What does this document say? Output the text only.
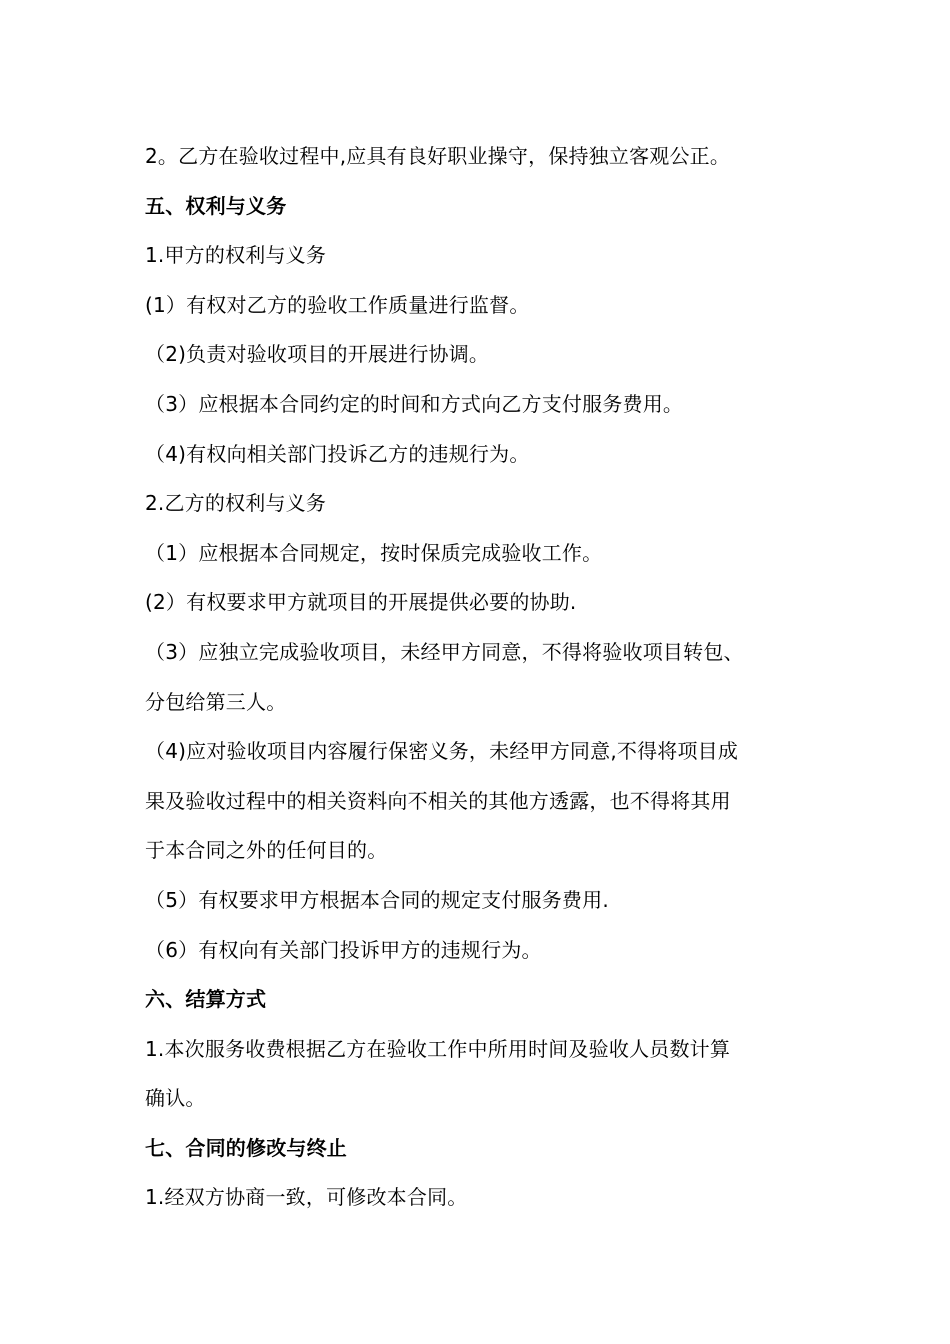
2。乙方在验收过程中,应具有良好职业操守，保持独立客观公正。
五、权利与义务
1.甲方的权利与义务
(1）有权对乙方的验收工作质量进行监督。
（2)负责对验收项目的开展进行协调。
（3）应根据本合同约定的时间和方式向乙方支付服务费用。
（4)有权向相关部门投诉乙方的违规行为。
2.乙方的权利与义务
（1）应根据本合同规定，按时保质完成验收工作。
(2）有权要求甲方就项目的开展提供必要的协助.
（3）应独立完成验收项目，未经甲方同意，不得将验收项目转包、
分包给第三人。
（4)应对验收项目内容履行保密义务，未经甲方同意,不得将项目成
果及验收过程中的相关资料向不相关的其他方透露，也不得将其用
于本合同之外的任何目的。
（5）有权要求甲方根据本合同的规定支付服务费用.
（6）有权向有关部门投诉甲方的违规行为。
六、结算方式
1.本次服务收费根据乙方在验收工作中所用时间及验收人员数计算
确认。
七、合同的修改与终止
1.经双方协商一致，可修改本合同。
